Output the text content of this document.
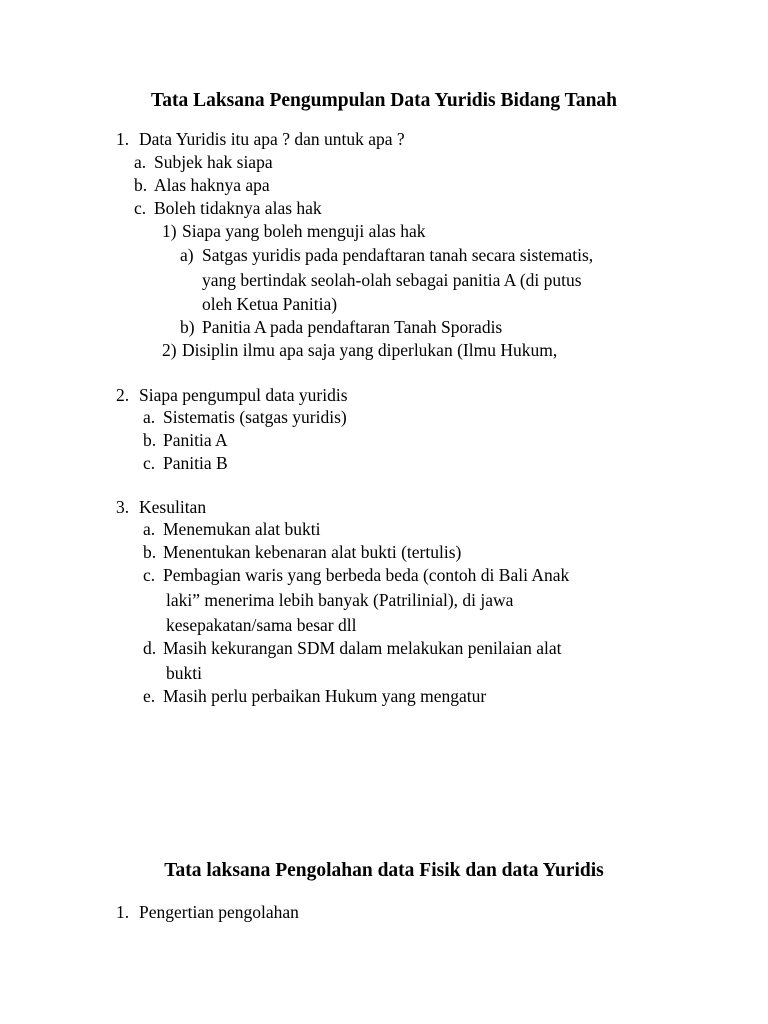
Tata Laksana Pengumpulan Data Yuridis Bidang Tanah
1. Data Yuridis itu apa ? dan untuk apa ?
a. Subjek hak siapa
b. Alas haknya apa
c. Boleh tidaknya alas hak
1) Siapa yang boleh menguji alas hak
a) Satgas yuridis pada pendaftaran tanah secara sistematis,
yang bertindak seolah-olah sebagai panitia A (di putus
oleh Ketua Panitia)
b) Panitia A pada pendaftaran Tanah Sporadis
2) Disiplin ilmu apa saja yang diperlukan (Ilmu Hukum,
2. Siapa pengumpul data yuridis
a. Sistematis (satgas yuridis)
b. Panitia A
c. Panitia B
3. Kesulitan
a. Menemukan alat bukti
b. Menentukan kebenaran alat bukti (tertulis)
c. Pembagian waris yang berbeda beda (contoh di Bali Anak
laki” menerima lebih banyak (Patrilinial), di jawa
kesepakatan/sama besar dll
d. Masih kekurangan SDM dalam melakukan penilaian alat
bukti
e. Masih perlu perbaikan Hukum yang mengatur
Tata laksana Pengolahan data Fisik dan data Yuridis
1. Pengertian pengolahan
